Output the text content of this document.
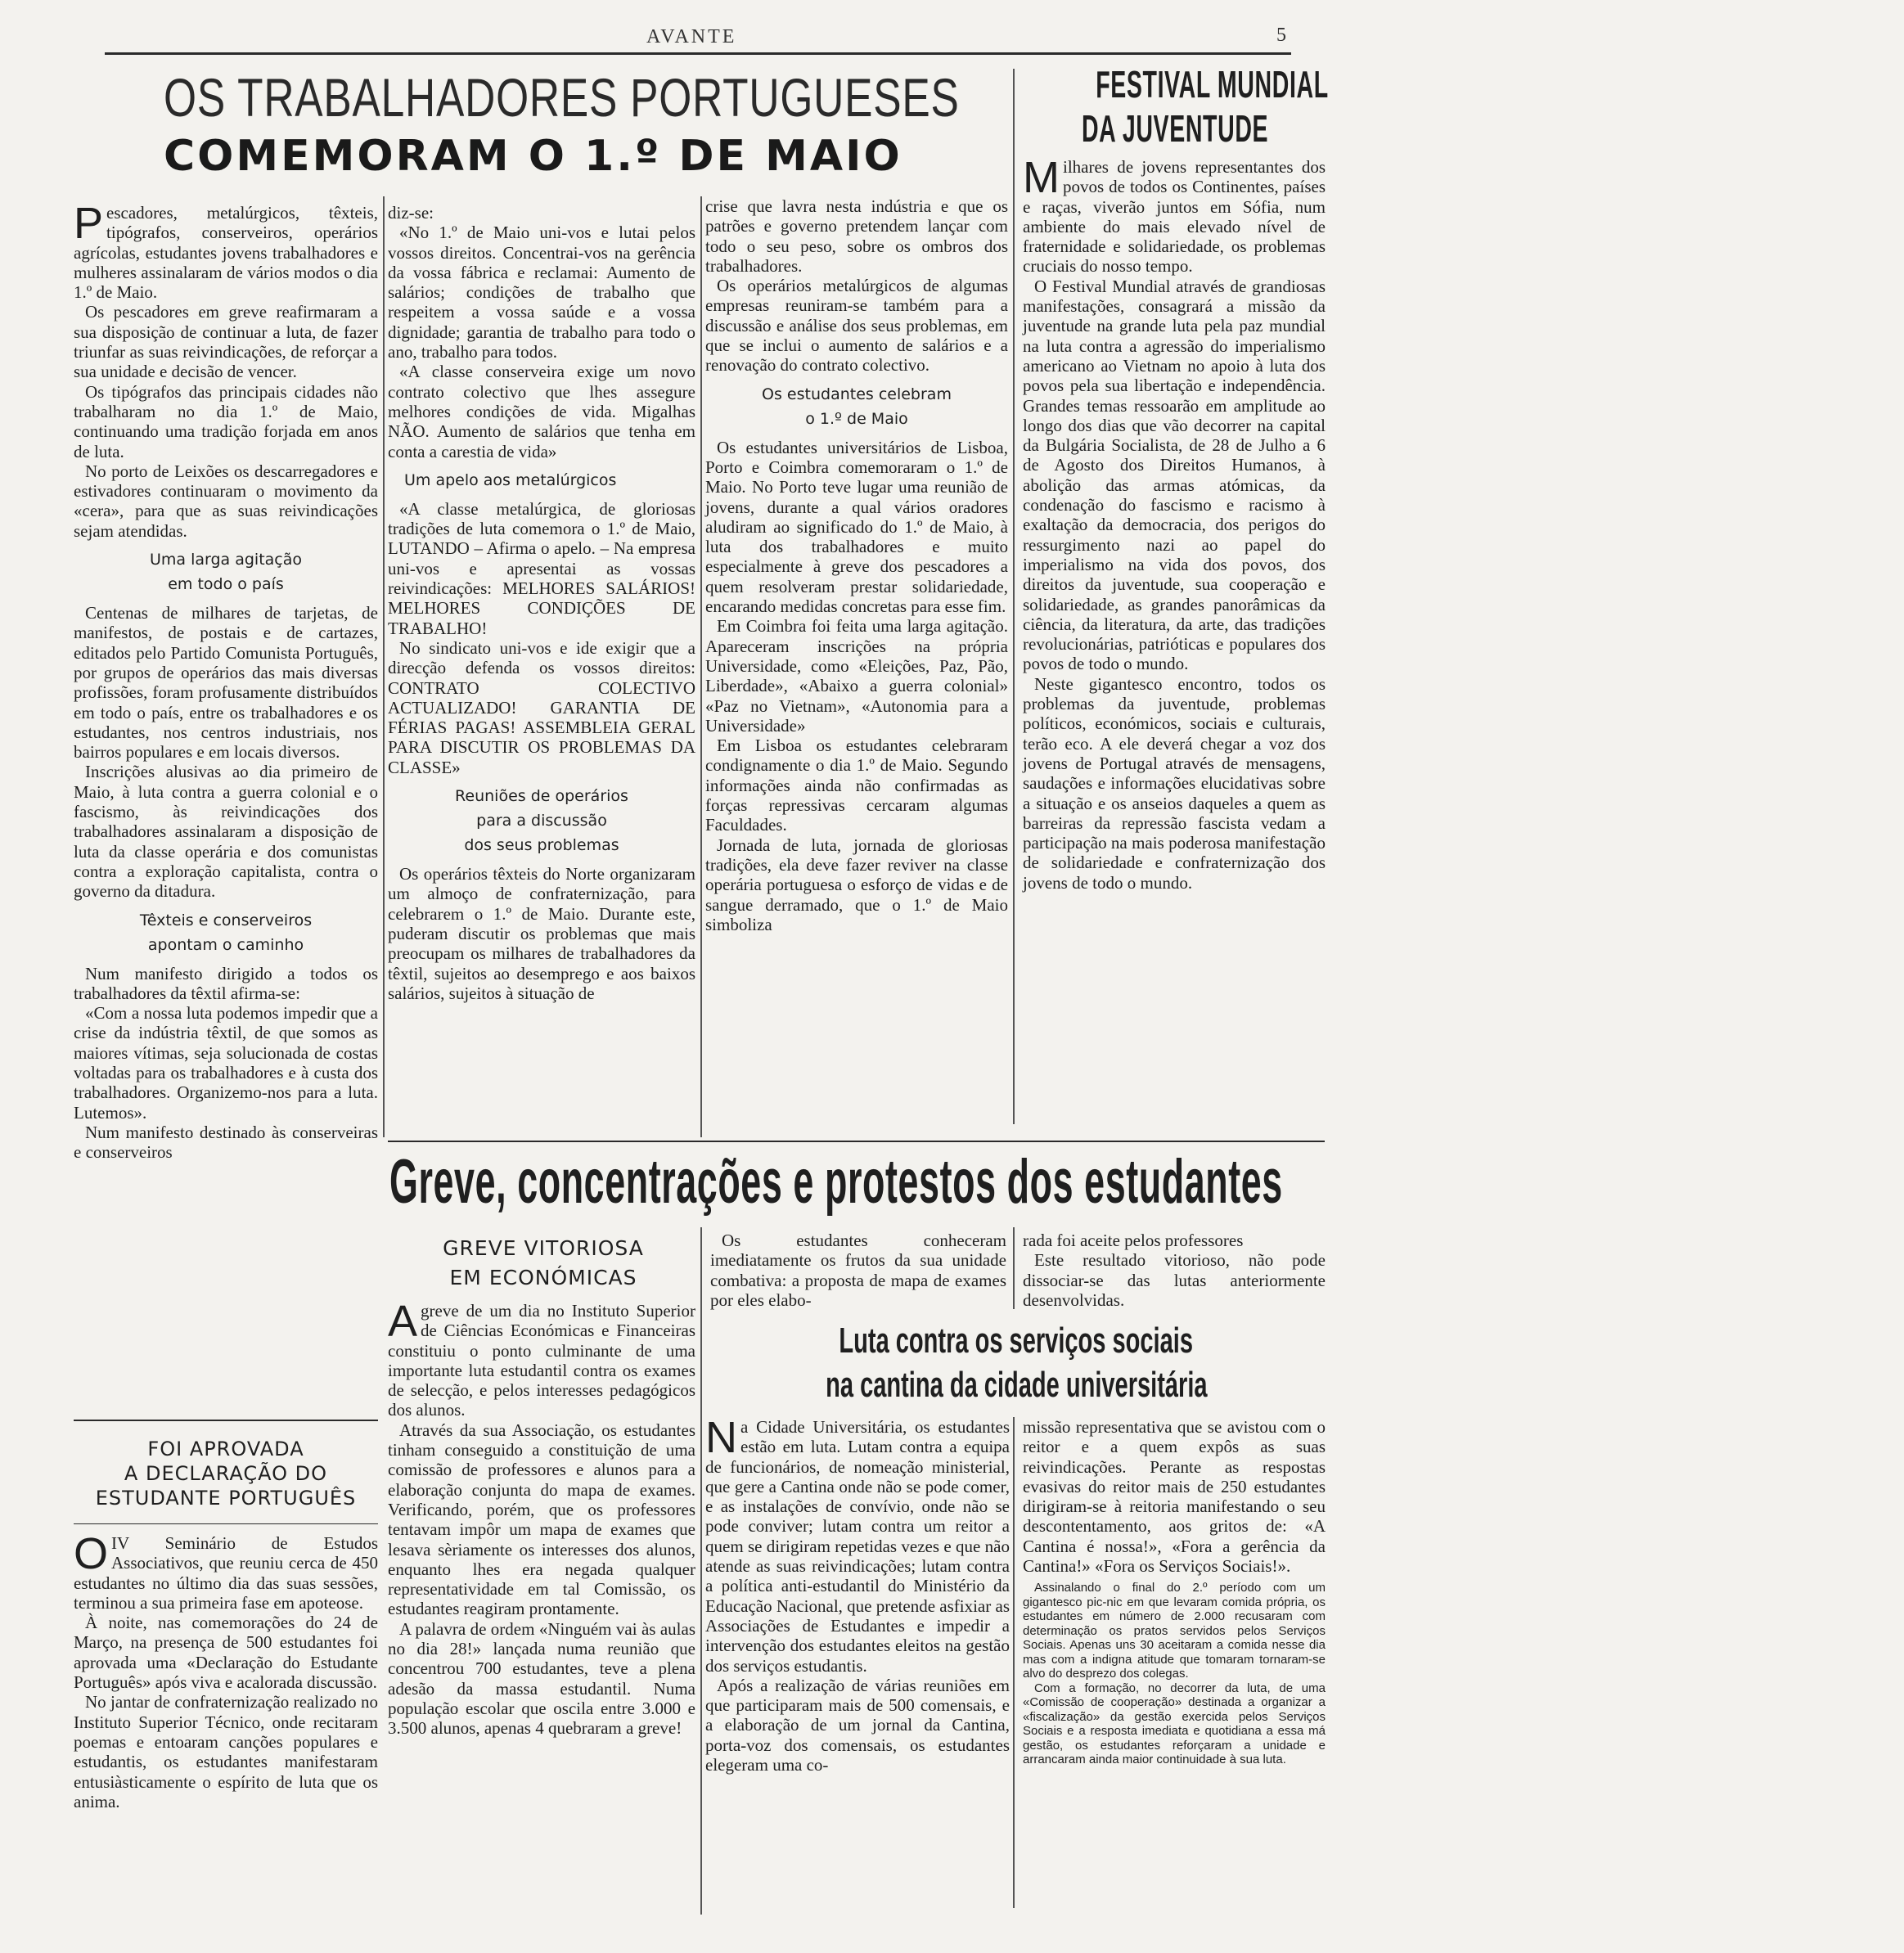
AVANTE	5
OS TRABALHADORES PORTUGUESES
COMEMORAM O 1.º DE MAIO

Pescadores, metalúrgicos, têxteis, tipógrafos, conserveiros, operários agrícolas, estudantes jovens trabalhadores e mulheres assinalaram de vários modos o dia 1.º de Maio.

Os pescadores em greve reafirmaram a sua disposição de continuar a luta, de fazer triunfar as suas reivindicações, de reforçar a sua unidade e decisão de vencer.

Os tipógrafos das principais cidades não trabalharam no dia 1.º de Maio, continuando uma tradição forjada em anos de luta.

No porto de Leixões os descarregadores e estivadores continuaram o movimento da «cera», para que as suas reivindicações sejam atendidas.

Uma larga agitação
em todo o país

Centenas de milhares de tarjetas, de manifestos, de postais e de cartazes, editados pelo Partido Comunista Português, por grupos de operários das mais diversas profissões, foram profusamente distribuídos em todo o país, entre os trabalhadores e os estudantes, nos centros industriais, nos bairros populares e em locais diversos.

Inscrições alusivas ao dia primeiro de Maio, à luta contra a guerra colonial e o fascismo, às reivindicações dos trabalhadores assinalaram a disposição de luta da classe operária e dos comunistas contra a exploração capitalista, contra o governo da ditadura.

Têxteis e conserveiros
apontam o caminho

Num manifesto dirigido a todos os trabalhadores da têxtil afirma-se:

«Com a nossa luta podemos impedir que a crise da indústria têxtil, de que somos as maiores vítimas, seja solucionada de costas voltadas para os trabalhadores e à custa dos trabalhadores. Organizemo-nos para a luta. Lutemos».

Num manifesto destinado às conserveiras e conserveiros

diz-se:

«No 1.º de Maio uni-vos e lutai pelos vossos direitos. Concentrai-vos na gerência da vossa fábrica e reclamai: Aumento de salários; condições de trabalho que respeitem a vossa saúde e a vossa dignidade; garantia de trabalho para todo o ano, trabalho para todos.

«A classe conserveira exige um novo contrato colectivo que lhes assegure melhores condições de vida. Migalhas NÃO. Aumento de salários que tenha em conta a carestia de vida»

Um apelo aos metalúrgicos

«A classe metalúrgica, de gloriosas tradições de luta comemora o 1.º de Maio, LUTANDO – Afirma o apelo. – Na empresa uni-vos e apresentai as vossas reivindicações: MELHORES SALÁRIOS! MELHORES CONDIÇÕES DE TRABALHO!

No sindicato uni-vos e ide exigir que a direcção defenda os vossos direitos: CONTRATO COLECTIVO ACTUALIZADO! GARANTIA DE FÉRIAS PAGAS! ASSEMBLEIA GERAL PARA DISCUTIR OS PROBLEMAS DA CLASSE»

Reuniões de operários
para a discussão
dos seus problemas

Os operários têxteis do Norte organizaram um almoço de confraternização, para celebrarem o 1.º de Maio. Durante este, puderam discutir os problemas que mais preocupam os milhares de trabalhadores da têxtil, sujeitos ao desemprego e aos baixos salários, sujeitos à situação de

crise que lavra nesta indústria e que os patrões e governo pretendem lançar com todo o seu peso, sobre os ombros dos trabalhadores.

Os operários metalúrgicos de algumas empresas reuniram-se também para a discussão e análise dos seus problemas, em que se inclui o aumento de salários e a renovação do contrato colectivo.

Os estudantes celebram
o 1.º de Maio

Os estudantes universitários de Lisboa, Porto e Coimbra comemoraram o 1.º de Maio. No Porto teve lugar uma reunião de jovens, durante a qual vários oradores aludiram ao significado do 1.º de Maio, à luta dos trabalhadores e muito especialmente à greve dos pescadores a quem resolveram prestar solidariedade, encarando medidas concretas para esse fim.

Em Coimbra foi feita uma larga agitação. Apareceram inscrições na própria Universidade, como «Eleições, Paz, Pão, Liberdade», «Abaixo a guerra colonial» «Paz no Vietnam», «Autonomia para a Universidade»

Em Lisboa os estudantes celebraram condignamente o dia 1.º de Maio. Segundo informações ainda não confirmadas as forças repressivas cercaram algumas Faculdades.

Jornada de luta, jornada de gloriosas tradições, ela deve fazer reviver na classe operária portuguesa o esforço de vidas e de sangue derramado, que o 1.º de Maio simboliza

FESTIVAL MUNDIAL
DA JUVENTUDE

Milhares de jovens representantes dos povos de todos os Continentes, países e raças, viverão juntos em Sófia, num ambiente do mais elevado nível de fraternidade e solidariedade, os problemas cruciais do nosso tempo.

O Festival Mundial através de grandiosas manifestações, consagrará a missão da juventude na grande luta pela paz mundial na luta contra a agressão do imperialismo americano ao Vietnam no apoio à luta dos povos pela sua libertação e independência. Grandes temas ressoarão em amplitude ao longo dos dias que vão decorrer na capital da Bulgária Socialista, de 28 de Julho a 6 de Agosto dos Direitos Humanos, à abolição das armas atómicas, da condenação do fascismo e racismo à exaltação da democracia, dos perigos do ressurgimento nazi ao papel do imperialismo na vida dos povos, dos direitos da juventude, sua cooperação e solidariedade, as grandes panorâmicas da ciência, da literatura, da arte, das tradições revolucionárias, patrióticas e populares dos povos de todo o mundo.

Neste gigantesco encontro, todos os problemas da juventude, problemas políticos, económicos, sociais e culturais, terão eco. A ele deverá chegar a voz dos jovens de Portugal através de mensagens, saudações e informações elucidativas sobre a situação e os anseios daqueles a quem as barreiras da repressão fascista vedam a participação na mais poderosa manifestação de solidariedade e confraternização dos jovens de todo o mundo.

FOI APROVADA
A DECLARAÇÃO DO
ESTUDANTE PORTUGUÊS

O IV Seminário de Estudos Associativos, que reuniu cerca de 450 estudantes no último dia das suas sessões, terminou a sua primeira fase em apoteose.

À noite, nas comemorações do 24 de Março, na presença de 500 estudantes foi aprovada uma «Declaração do Estudante Português» após viva e acalorada discussão.

No jantar de confraternização realizado no Instituto Superior Técnico, onde recitaram poemas e entoaram canções populares e estudantis, os estudantes manifestaram entusiàsticamente o espírito de luta que os anima.

Greve, concentrações e protestos dos estudantes
GREVE VITORIOSA
EM ECONÓMICAS

A greve de um dia no Instituto Superior de Ciências Económicas e Financeiras constituiu o ponto culminante de uma importante luta estudantil contra os exames de selecção, e pelos interesses pedagógicos dos alunos.

Através da sua Associação, os estudantes tinham conseguido a constituição de uma comissão de professores e alunos para a elaboração conjunta do mapa de exames. Verificando, porém, que os professores tentavam impôr um mapa de exames que lesava sèriamente os interesses dos alunos, enquanto lhes era negada qualquer representatividade em tal Comissão, os estudantes reagiram prontamente.

A palavra de ordem «Ninguém vai às aulas no dia 28!» lançada numa reunião que concentrou 700 estudantes, teve a plena adesão da massa estudantil. Numa população escolar que oscila entre 3.000 e 3.500 alunos, apenas 4 quebraram a greve!

Os estudantes conheceram imediatamente os frutos da sua unidade combativa: a proposta de mapa de exames por eles elabo-

rada foi aceite pelos professores

Este resultado vitorioso, não pode dissociar-se das lutas anteriormente desenvolvidas.

Luta contra os serviços sociais
na cantina da cidade universitária

Na Cidade Universitária, os estudantes estão em luta. Lutam contra a equipa de funcionários, de nomeação ministerial, que gere a Cantina onde não se pode comer, e as instalações de convívio, onde não se pode conviver; lutam contra um reitor a quem se dirigiram repetidas vezes e que não atende as suas reivindicações; lutam contra a política anti-estudantil do Ministério da Educação Nacional, que pretende asfixiar as Associações de Estudantes e impedir a intervenção dos estudantes eleitos na gestão dos serviços estudantis.

Após a realização de várias reuniões em que participaram mais de 500 comensais, e a elaboração de um jornal da Cantina, porta-voz dos comensais, os estudantes elegeram uma co-

missão representativa que se avistou com o reitor e a quem expôs as suas reivindicações. Perante as respostas evasivas do reitor mais de 250 estudantes dirigiram-se à reitoria manifestando o seu descontentamento, aos gritos de: «A Cantina é nossa!», «Fora a gerência da Cantina!» «Fora os Serviços Sociais!».

Assinalando o final do 2.º período com um gigantesco pic-nic em que levaram comida própria, os estudantes em número de 2.000 recusaram com determinação os pratos servidos pelos Serviços Sociais. Apenas uns 30 aceitaram a comida nesse dia mas com a indigna atitude que tomaram tornaram-se alvo do desprezo dos colegas.

Com a formação, no decorrer da luta, de uma «Comissão de cooperação» destinada a organizar a «fiscalização» da gestão exercida pelos Serviços Sociais e a resposta imediata e quotidiana a essa má gestão, os estudantes reforçaram a unidade e arrancaram ainda maior continuidade à sua luta.
